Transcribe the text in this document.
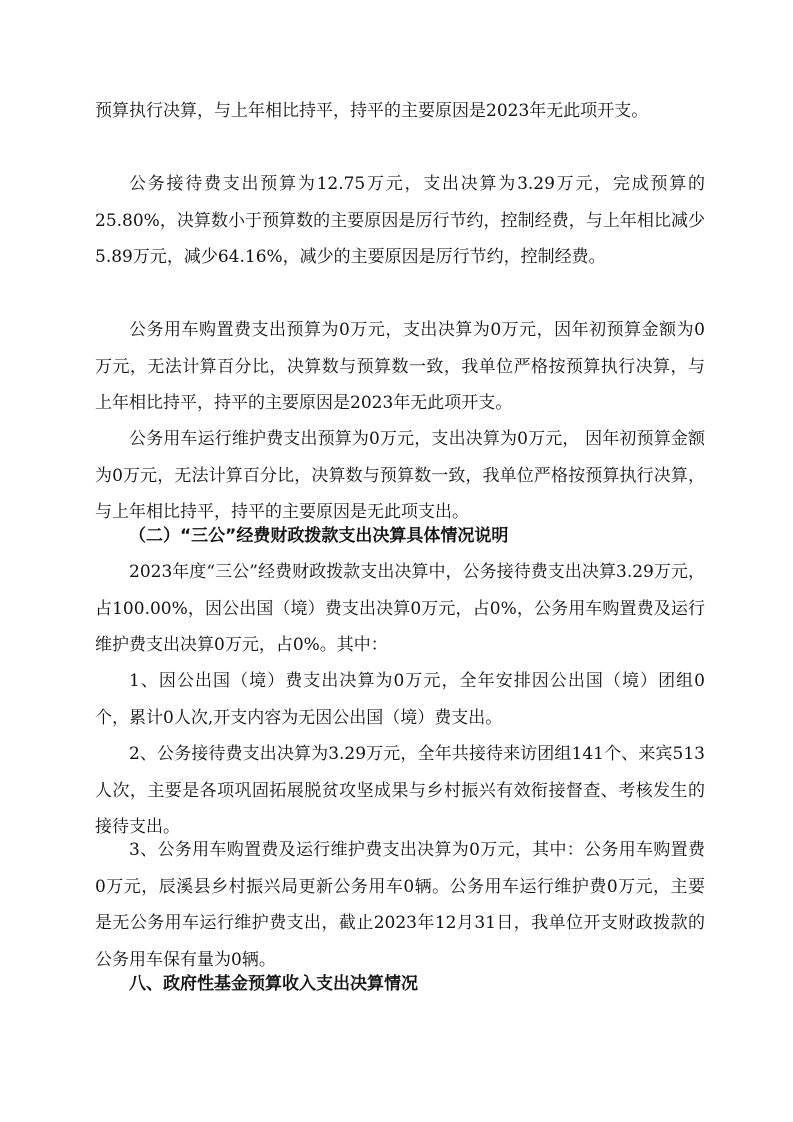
预算执行决算，与上年相比持平，持平的主要原因是2023年无此项开支。

公务接待费支出预算为12.75万元，支出决算为3.29万元，完成预算的25.80%，决算数小于预算数的主要原因是厉行节约，控制经费，与上年相比减少5.89万元，减少64.16%，减少的主要原因是厉行节约，控制经费。

公务用车购置费支出预算为0万元，支出决算为0万元，因年初预算金额为0万元，无法计算百分比，决算数与预算数一致，我单位严格按预算执行决算，与上年相比持平，持平的主要原因是2023年无此项开支。

公务用车运行维护费支出预算为0万元，支出决算为0万元， 因年初预算金额为0万元，无法计算百分比，决算数与预算数一致，我单位严格按预算执行决算，与上年相比持平，持平的主要原因是无此项支出。

（二）“三公”经费财政拨款支出决算具体情况说明

2023年度“三公”经费财政拨款支出决算中，公务接待费支出决算3.29万元，占100.00%，因公出国（境）费支出决算0万元，占0%，公务用车购置费及运行维护费支出决算0万元，占0%。其中：

1、因公出国（境）费支出决算为0万元，全年安排因公出国（境）团组0个，累计0人次,开支内容为无因公出国（境）费支出。

2、公务接待费支出决算为3.29万元，全年共接待来访团组141个、来宾513人次，主要是各项巩固拓展脱贫攻坚成果与乡村振兴有效衔接督查、考核发生的接待支出。

3、公务用车购置费及运行维护费支出决算为0万元，其中：公务用车购置费0万元，辰溪县乡村振兴局更新公务用车0辆。公务用车运行维护费0万元，主要是无公务用车运行维护费支出，截止2023年12月31日，我单位开支财政拨款的公务用车保有量为0辆。

八、政府性基金预算收入支出决算情况
